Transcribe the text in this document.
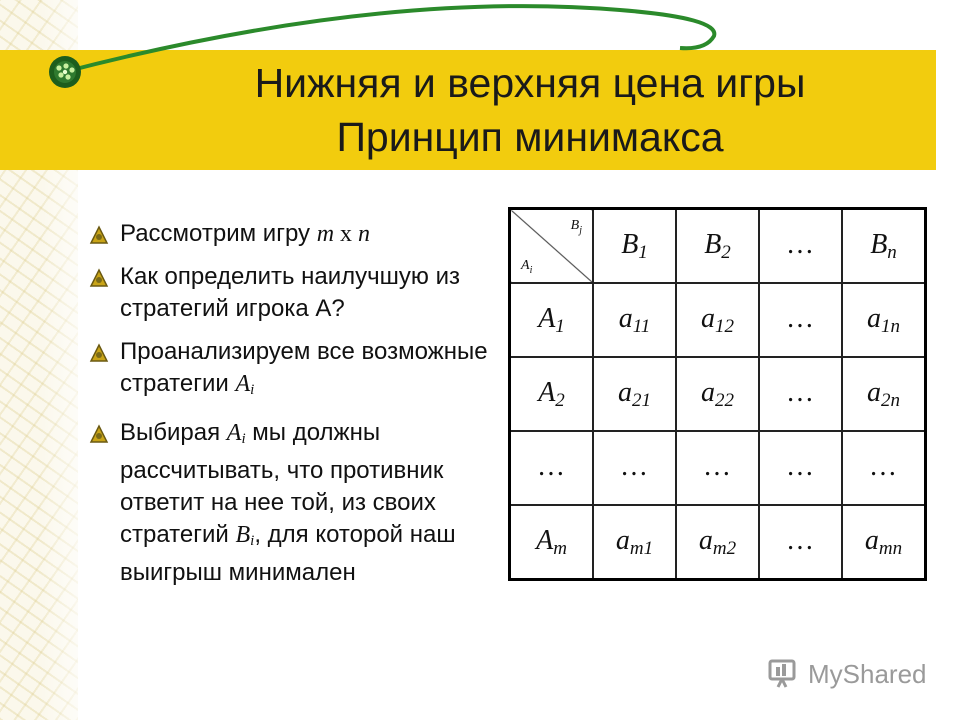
Нижняя и верхняя цена игры
Принцип минимакса
Рассмотрим игру m x n
Как определить наилучшую из стратегий игрока А?
Проанализируем все возможные стратегии $A_i$
Выбирая $A_i$ мы должны рассчитывать, что противник ответит на нее той, из своих стратегий $B_i$, для которой наш выигрыш минимален
$B_j$
$A_i$	$B_1$	$B_2$	…	$B_n$
$A_1$	$a_{11}$	$a_{12}$	…	$a_{1n}$
$A_2$	$a_{21}$	$a_{22}$	…	$a_{2n}$
…	…	…	…	…
$A_m$	$a_{m1}$	$a_{m2}$	…	$a_{mn}$
MyShared
